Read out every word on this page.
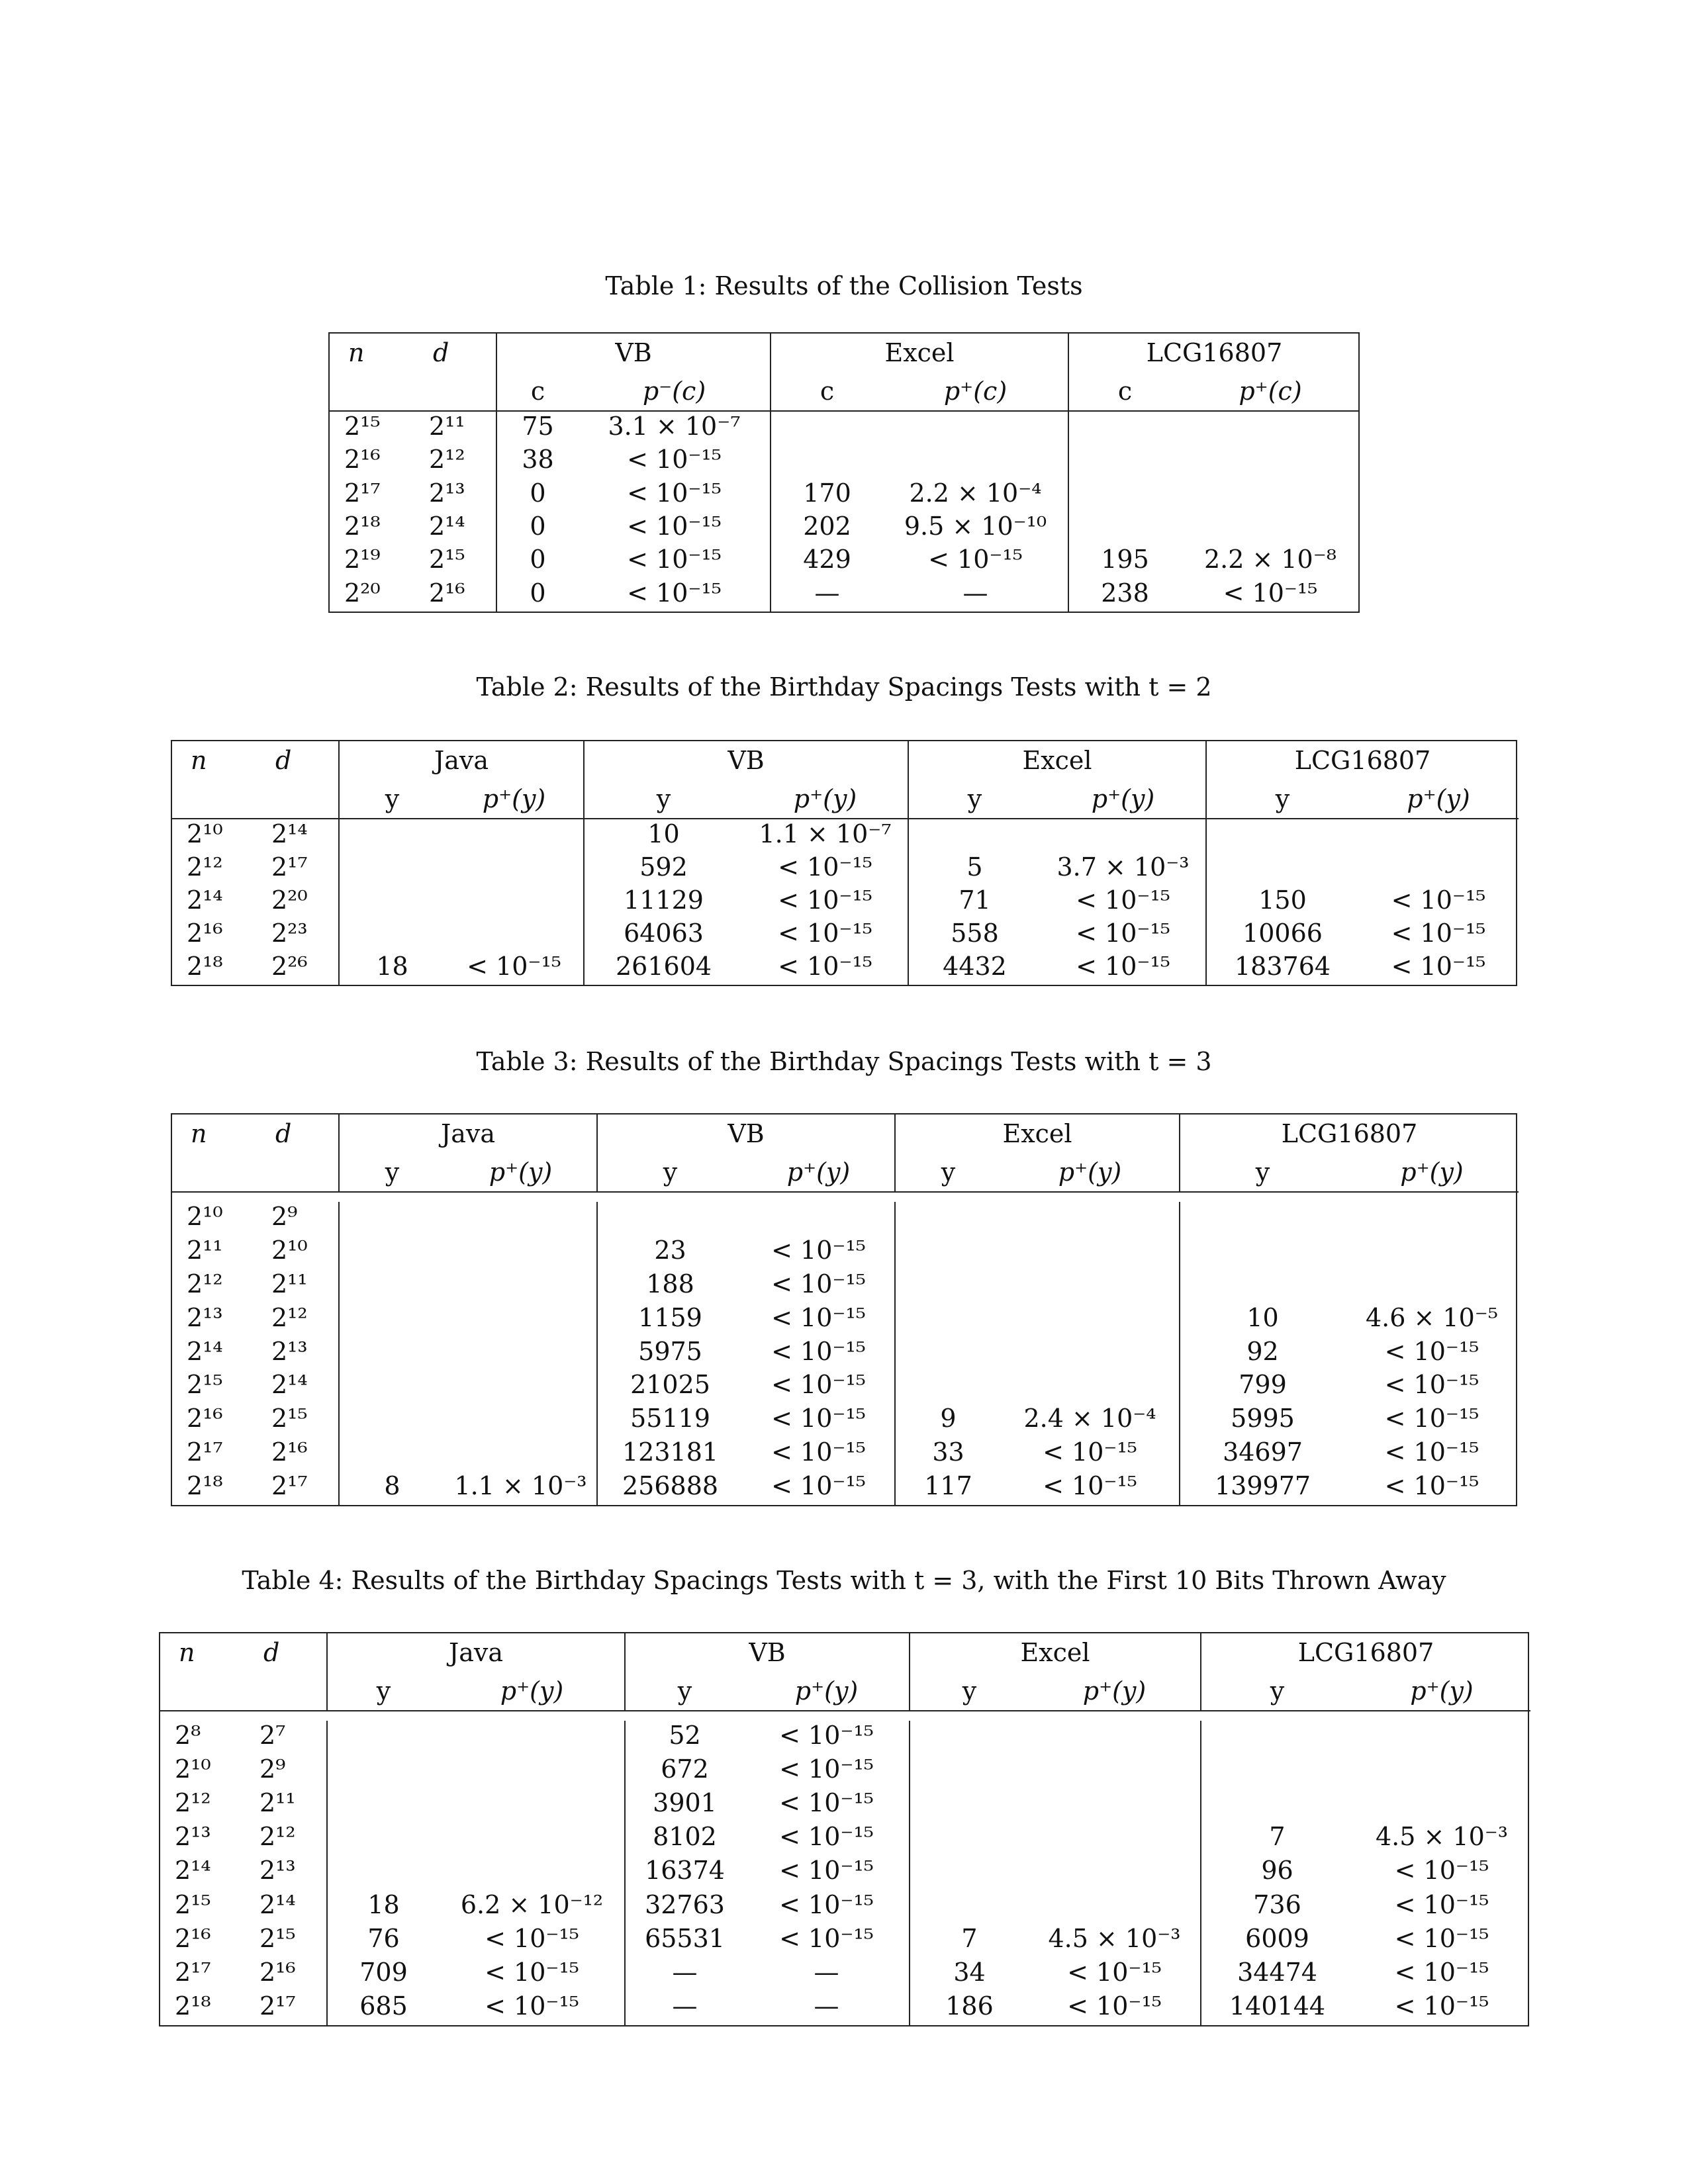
Table 1: Results of the Collision Tests
n	d	VB		Excel		LCG16807	
		c	p⁻(c)	c	p⁺(c)	c	p⁺(c)
2¹⁵	2¹¹	75	3.1 × 10⁻⁷				
2¹⁶	2¹²	38	< 10⁻¹⁵				
2¹⁷	2¹³	0	< 10⁻¹⁵	170	2.2 × 10⁻⁴		
2¹⁸	2¹⁴	0	< 10⁻¹⁵	202	9.5 × 10⁻¹⁰		
2¹⁹	2¹⁵	0	< 10⁻¹⁵	429	< 10⁻¹⁵	195	2.2 × 10⁻⁸
2²⁰	2¹⁶	0	< 10⁻¹⁵	—	—	238	< 10⁻¹⁵

Table 2: Results of the Birthday Spacings Tests with t = 2
n	d	Java		VB		Excel		LCG16807	
		y	p⁺(y)	y	p⁺(y)	y	p⁺(y)	y	p⁺(y)
2¹⁰	2¹⁴			10	1.1 × 10⁻⁷				
2¹²	2¹⁷			592	< 10⁻¹⁵	5	3.7 × 10⁻³		
2¹⁴	2²⁰			11129	< 10⁻¹⁵	71	< 10⁻¹⁵	150	< 10⁻¹⁵
2¹⁶	2²³			64063	< 10⁻¹⁵	558	< 10⁻¹⁵	10066	< 10⁻¹⁵
2¹⁸	2²⁶	18	< 10⁻¹⁵	261604	< 10⁻¹⁵	4432	< 10⁻¹⁵	183764	< 10⁻¹⁵

Table 3: Results of the Birthday Spacings Tests with t = 3
n	d	Java		VB		Excel		LCG16807	
		y	p⁺(y)	y	p⁺(y)	y	p⁺(y)	y	p⁺(y)

2¹⁰	2⁹								
2¹¹	2¹⁰			23	< 10⁻¹⁵				
2¹²	2¹¹			188	< 10⁻¹⁵				
2¹³	2¹²			1159	< 10⁻¹⁵			10	4.6 × 10⁻⁵
2¹⁴	2¹³			5975	< 10⁻¹⁵			92	< 10⁻¹⁵
2¹⁵	2¹⁴			21025	< 10⁻¹⁵			799	< 10⁻¹⁵
2¹⁶	2¹⁵			55119	< 10⁻¹⁵	9	2.4 × 10⁻⁴	5995	< 10⁻¹⁵
2¹⁷	2¹⁶			123181	< 10⁻¹⁵	33	< 10⁻¹⁵	34697	< 10⁻¹⁵
2¹⁸	2¹⁷	8	1.1 × 10⁻³	256888	< 10⁻¹⁵	117	< 10⁻¹⁵	139977	< 10⁻¹⁵

Table 4: Results of the Birthday Spacings Tests with t = 3, with the First 10 Bits Thrown Away
n	d	Java		VB		Excel		LCG16807	
		y	p⁺(y)	y	p⁺(y)	y	p⁺(y)	y	p⁺(y)

2⁸	2⁷			52	< 10⁻¹⁵				
2¹⁰	2⁹			672	< 10⁻¹⁵				
2¹²	2¹¹			3901	< 10⁻¹⁵				
2¹³	2¹²			8102	< 10⁻¹⁵			7	4.5 × 10⁻³
2¹⁴	2¹³			16374	< 10⁻¹⁵			96	< 10⁻¹⁵
2¹⁵	2¹⁴	18	6.2 × 10⁻¹²	32763	< 10⁻¹⁵			736	< 10⁻¹⁵
2¹⁶	2¹⁵	76	< 10⁻¹⁵	65531	< 10⁻¹⁵	7	4.5 × 10⁻³	6009	< 10⁻¹⁵
2¹⁷	2¹⁶	709	< 10⁻¹⁵	—	—	34	< 10⁻¹⁵	34474	< 10⁻¹⁵
2¹⁸	2¹⁷	685	< 10⁻¹⁵	—	—	186	< 10⁻¹⁵	140144	< 10⁻¹⁵
